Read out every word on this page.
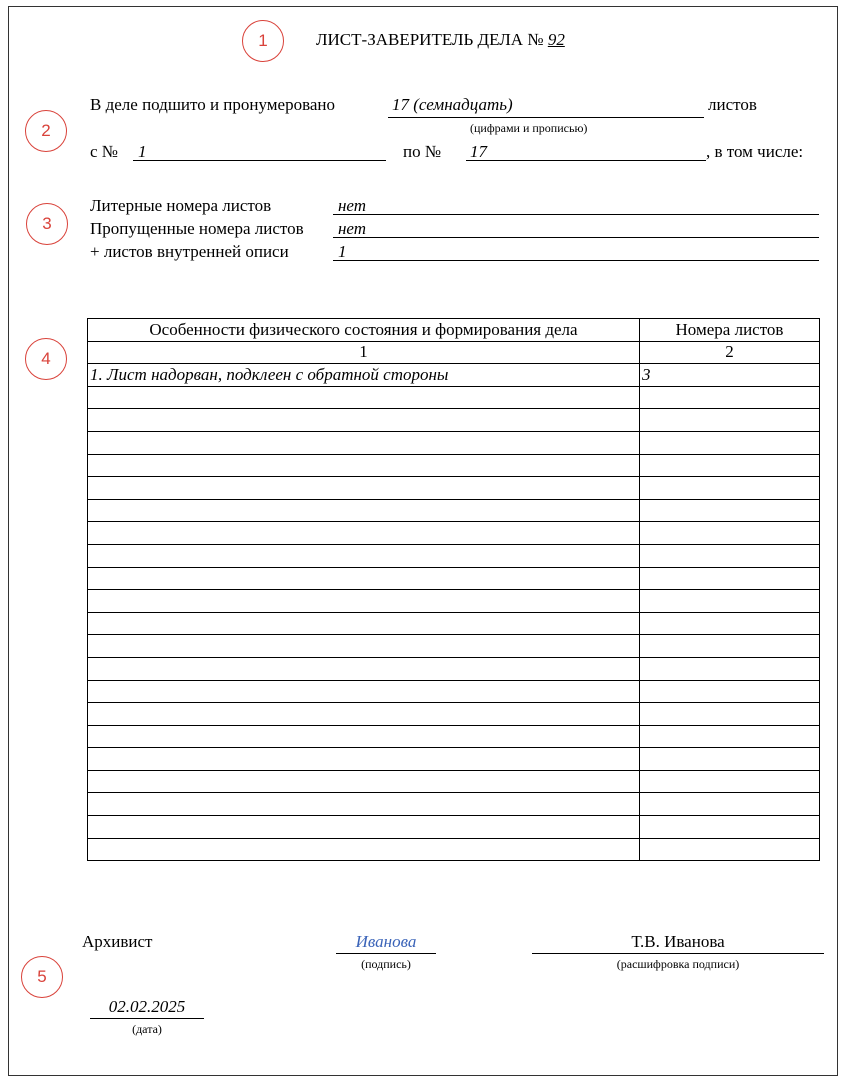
1	ЛИСТ-ЗАВЕРИТЕЛЬ ДЕЛА № 92
2
В деле подшито и пронумеровано	17 (семнадцать)	листов
(цифрами и прописью)
с № 1	по № 17	, в том числе:
3
Литерные номера листов	нет
Пропущенные номера листов нет
+ листов внутренней описи	1
4
Особенности физического состояния и формирования дела	Номера листов
1	2
1. Лист надорван, подклеен с обратной стороны	3

5
Архивист	Иванова
(подпись)
Т.В. Иванова
(расшифровка подписи)
02.02.2025
(дата)
